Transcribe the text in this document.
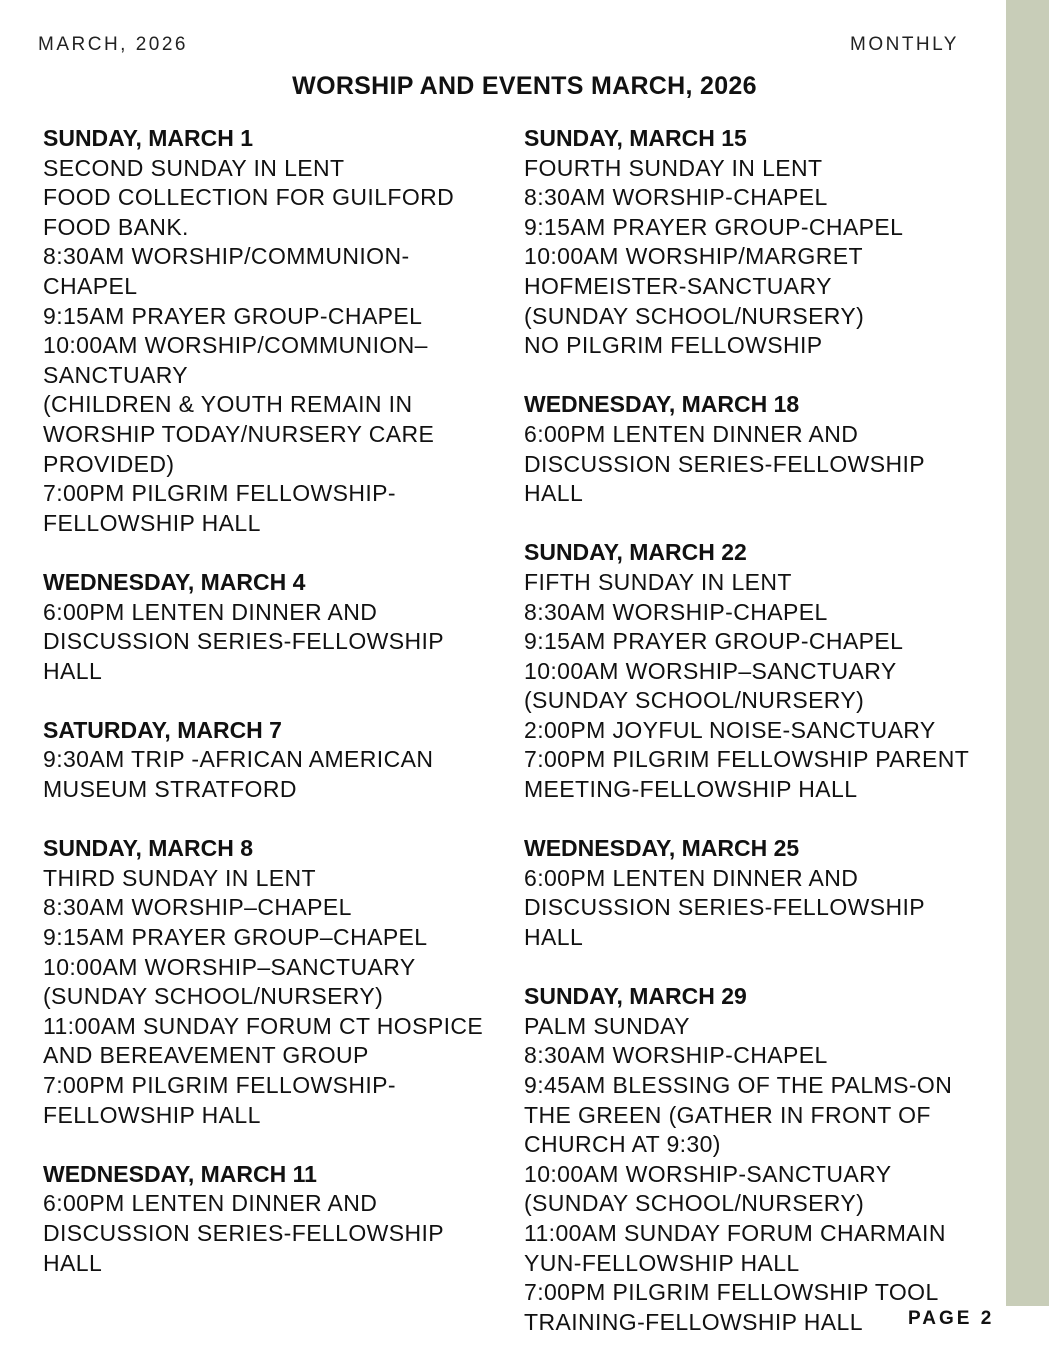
MARCH, 2026	MONTHLY
WORSHIP AND EVENTS MARCH, 2026
SUNDAY, MARCH 1
SECOND SUNDAY IN LENT
FOOD COLLECTION FOR GUILFORD
FOOD BANK.
8:30AM WORSHIP/COMMUNION-
CHAPEL
9:15AM PRAYER GROUP-CHAPEL
10:00AM WORSHIP/COMMUNION–
SANCTUARY
(CHILDREN & YOUTH REMAIN IN
WORSHIP TODAY/NURSERY CARE
PROVIDED)
7:00PM PILGRIM FELLOWSHIP-
FELLOWSHIP HALL
WEDNESDAY, MARCH 4
6:00PM LENTEN DINNER AND
DISCUSSION SERIES-FELLOWSHIP
HALL
SATURDAY, MARCH 7
9:30AM TRIP -AFRICAN AMERICAN
MUSEUM STRATFORD
SUNDAY, MARCH 8
THIRD SUNDAY IN LENT
8:30AM WORSHIP–CHAPEL
9:15AM PRAYER GROUP–CHAPEL
10:00AM WORSHIP–SANCTUARY
(SUNDAY SCHOOL/NURSERY)
11:00AM SUNDAY FORUM CT HOSPICE
AND BEREAVEMENT GROUP
7:00PM PILGRIM FELLOWSHIP-
FELLOWSHIP HALL
WEDNESDAY, MARCH 11
6:00PM LENTEN DINNER AND
DISCUSSION SERIES-FELLOWSHIP
HALL
SUNDAY, MARCH 15
FOURTH SUNDAY IN LENT
8:30AM WORSHIP-CHAPEL
9:15AM PRAYER GROUP-CHAPEL
10:00AM WORSHIP/MARGRET
HOFMEISTER-SANCTUARY
(SUNDAY SCHOOL/NURSERY)
NO PILGRIM FELLOWSHIP
WEDNESDAY, MARCH 18
6:00PM LENTEN DINNER AND
DISCUSSION SERIES-FELLOWSHIP
HALL
SUNDAY, MARCH 22
FIFTH SUNDAY IN LENT
8:30AM WORSHIP-CHAPEL
9:15AM PRAYER GROUP-CHAPEL
10:00AM WORSHIP–SANCTUARY
(SUNDAY SCHOOL/NURSERY)
2:00PM JOYFUL NOISE-SANCTUARY
7:00PM PILGRIM FELLOWSHIP PARENT
MEETING-FELLOWSHIP HALL
WEDNESDAY, MARCH 25
6:00PM LENTEN DINNER AND
DISCUSSION SERIES-FELLOWSHIP
HALL
SUNDAY, MARCH 29
PALM SUNDAY
8:30AM WORSHIP-CHAPEL
9:45AM BLESSING OF THE PALMS-ON
THE GREEN (GATHER IN FRONT OF
CHURCH AT 9:30)
10:00AM WORSHIP-SANCTUARY
(SUNDAY SCHOOL/NURSERY)
11:00AM SUNDAY FORUM CHARMAIN
YUN-FELLOWSHIP HALL
7:00PM PILGRIM FELLOWSHIP TOOL
TRAINING-FELLOWSHIP HALL	PAGE 2
